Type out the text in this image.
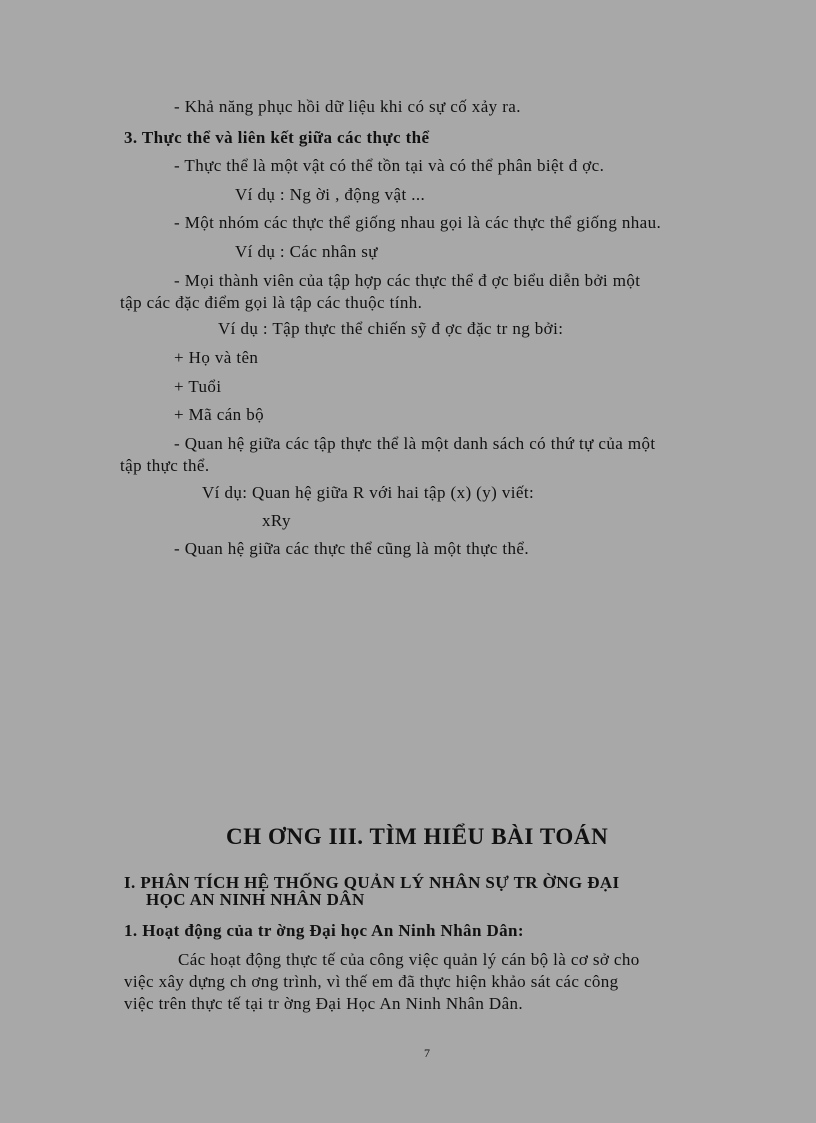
- Khả năng phục hồi dữ liệu khi có sự cố xảy ra.

3. Thực thể và liên kết giữa các thực thể

- Thực thể là một vật có thể tồn tại và có thể phân biệt đ ợc.

Ví dụ : Ng ời , động vật ...

- Một nhóm các thực thể giống nhau gọi là các thực thể giống nhau.

Ví dụ : Các nhân sự

- Mọi thành viên của tập hợp các thực thể đ ợc biểu diễn bởi một
tập các đặc điểm gọi là tập các thuộc tính.

Ví dụ : Tập thực thể chiến sỹ đ ợc đặc tr ng bởi:

+ Họ và tên

+ Tuổi

+ Mã cán bộ

- Quan hệ giữa các tập thực thể là một danh sách có thứ tự của một
tập thực thể.

Ví dụ: Quan hệ giữa R với hai tập (x) (y) viết:

xRy

- Quan hệ giữa các thực thể cũng là một thực thể.

CH ƠNG III. TÌM HIỂU BÀI TOÁN

I. PHÂN TÍCH HỆ THỐNG QUẢN LÝ NHÂN SỰ TR ỜNG ĐẠI

HỌC AN NINH NHÂN DÂN

1. Hoạt động của tr ờng Đại học An Ninh Nhân Dân:

Các hoạt động thực tế của công việc quản lý cán bộ là cơ sở cho
việc xây dựng ch ơng trình, vì thế em đã thực hiện khảo sát các công
việc trên thực tế tại tr ờng Đại Học An Ninh Nhân Dân.

7
